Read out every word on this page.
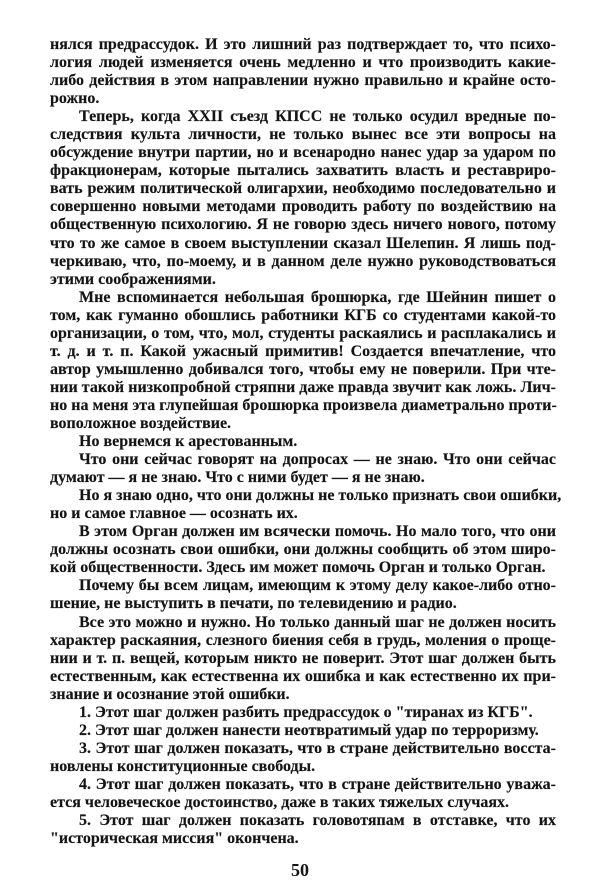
нялся предрассудок. И это лишний раз подтверждает то, что психо-
логия людей изменяется очень медленно и что производить какие-
либо действия в этом направлении нужно правильно и крайне осто-
рожно.
Теперь, когда XXII съезд КПСС не только осудил вредные по-
следствия культа личности, не только вынес все эти вопросы на
обсуждение внутри партии, но и всенародно нанес удар за ударом по
фракционерам, которые пытались захватить власть и реставриро-
вать режим политической олигархии, необходимо последовательно и
совершенно новыми методами проводить работу по воздействию на
общественную психологию. Я не говорю здесь ничего нового, потому
что то же самое в своем выступлении сказал Шелепин. Я лишь под-
черкиваю, что, по-моему, и в данном деле нужно руководствоваться
этими соображениями.
Мне вспоминается небольшая брошюрка, где Шейнин пишет о
том, как гуманно обошлись работники КГБ со студентами какой-то
организации, о том, что, мол, студенты раскаялись и расплакались и
т. д. и т. п. Какой ужасный примитив! Создается впечатление, что
автор умышленно добивался того, чтобы ему не поверили. При чте-
нии такой низкопробной стряпни даже правда звучит как ложь. Лич-
но на меня эта глупейшая брошюрка произвела диаметрально проти-
воположное воздействие.
Но вернемся к арестованным.
Что они сейчас говорят на допросах — не знаю. Что они сейчас
думают — я не знаю. Что с ними будет — я не знаю.
Но я знаю одно, что они должны не только признать свои ошибки,
но и самое главное — осознать их.
В этом Орган должен им всячески помочь. Но мало того, что они
должны осознать свои ошибки, они должны сообщить об этом широ-
кой общественности. Здесь им может помочь Орган и только Орган.
Почему бы всем лицам, имеющим к этому делу какое-либо отно-
шение, не выступить в печати, по телевидению и радио.
Все это можно и нужно. Но только данный шаг не должен носить
характер раскаяния, слезного биения себя в грудь, моления о проще-
нии и т. п. вещей, которым никто не поверит. Этот шаг должен быть
естественным, как естественна их ошибка и как естественно их при-
знание и осознание этой ошибки.
1. Этот шаг должен разбить предрассудок о "тиранах из КГБ".
2. Этот шаг должен нанести неотвратимый удар по терроризму.
3. Этот шаг должен показать, что в стране действительно восста-
новлены конституционные свободы.
4. Этот шаг должен показать, что в стране действительно уважа-
ется человеческое достоинство, даже в таких тяжелых случаях.
5. Этот шаг должен показать головотяпам в отставке, что их
"историческая миссия" окончена.
50
